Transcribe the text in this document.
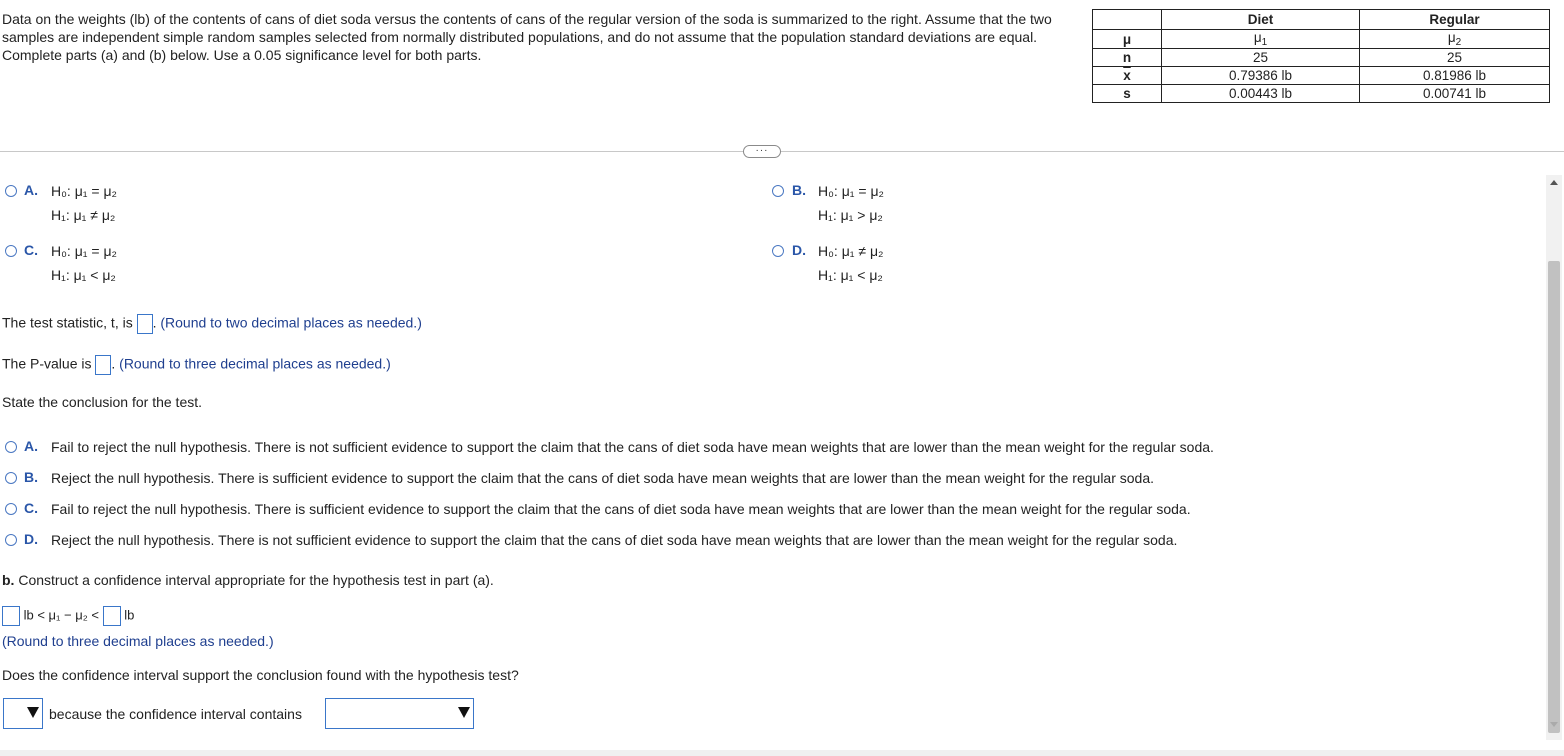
Data on the weights (lb) of the contents of cans of diet soda versus the contents of cans of the regular version of the soda is summarized to the right. Assume that the two samples are independent simple random samples selected from normally distributed populations, and do not assume that the population standard deviations are equal. Complete parts (a) and (b) below. Use a 0.05 significance level for both parts.
	Diet	Regular
μ	$\mu_1$	$\mu_2$
n	25	25
$\overline{x}$	0.79386 lb	0.81986 lb
s	0.00443 lb	0.00741 lb
···
A. H₀: μ₁ = μ₂
H₁: μ₁ ≠ μ₂
B. H₀: μ₁ = μ₂
H₁: μ₁ > μ₂
C. H₀: μ₁ = μ₂
H₁: μ₁ < μ₂
D. H₀: μ₁ ≠ μ₂
H₁: μ₁ < μ₂
The test statistic, t, is . (Round to two decimal places as needed.)
The P-value is . (Round to three decimal places as needed.)
State the conclusion for the test.
A. Fail to reject the null hypothesis. There is not sufficient evidence to support the claim that the cans of diet soda have mean weights that are lower than the mean weight for the regular soda.
B. Reject the null hypothesis. There is sufficient evidence to support the claim that the cans of diet soda have mean weights that are lower than the mean weight for the regular soda.
C. Fail to reject the null hypothesis. There is sufficient evidence to support the claim that the cans of diet soda have mean weights that are lower than the mean weight for the regular soda.
D. Reject the null hypothesis. There is not sufficient evidence to support the claim that the cans of diet soda have mean weights that are lower than the mean weight for the regular soda.
b. Construct a confidence interval appropriate for the hypothesis test in part (a).
lb < μ₁ − μ₂ < lb
(Round to three decimal places as needed.)
Does the confidence interval support the conclusion found with the hypothesis test?
because the confidence interval contains
